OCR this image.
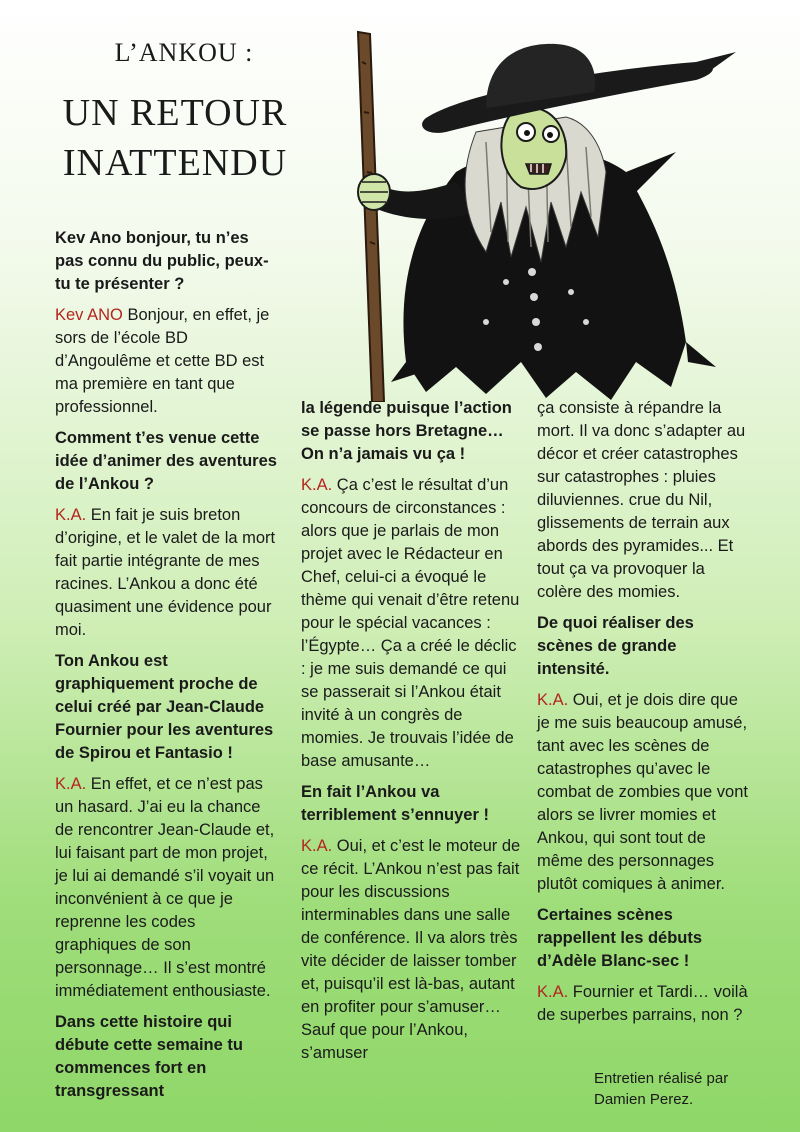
L’ANKOU :
UN RETOUR
INATTENDU

Kev Ano bonjour, tu n’es pas connu du public, peux-tu te présenter ?

Kev ANO Bonjour, en effet, je sors de l’école BD d’Angoulême et cette BD est ma première en tant que professionnel.

Comment t’es venue cette idée d’animer des aventures de l’Ankou ?

K.A. En fait je suis breton d’origine, et le valet de la mort fait partie intégrante de mes racines. L’Ankou a donc été quasiment une évidence pour moi.

Ton Ankou est graphiquement proche de celui créé par Jean-Claude Fournier pour les aventures de Spirou et Fantasio !

K.A. En effet, et ce n’est pas un hasard. J’ai eu la chance de rencontrer Jean-Claude et, lui faisant part de mon projet, je lui ai demandé s’il voyait un inconvénient à ce que je reprenne les codes graphiques de son personnage… Il s’est montré immédiatement enthousiaste.

Dans cette histoire qui débute cette semaine tu commences fort en transgressant

la légende puisque l’action se passe hors Bretagne… On n’a jamais vu ça !

K.A. Ça c’est le résultat d’un concours de circonstances : alors que je parlais de mon projet avec le Rédacteur en Chef, celui-ci a évoqué le thème qui venait d’être retenu pour le spécial vacances : l’Égypte… Ça a créé le déclic : je me suis demandé ce qui se passerait si l’Ankou était invité à un congrès de momies. Je trouvais l’idée de base amusante…

En fait l’Ankou va terriblement s’ennuyer !

K.A. Oui, et c’est le moteur de ce récit. L’Ankou n’est pas fait pour les discussions interminables dans une salle de conférence. Il va alors très vite décider de laisser tomber et, puisqu’il est là-bas, autant en profiter pour s’amuser… Sauf que pour l’Ankou, s’amuser

ça consiste à répandre la mort. Il va donc s’adapter au décor et créer catastrophes sur catastrophes : pluies diluviennes. crue du Nil, glissements de terrain aux abords des pyramides... Et tout ça va provoquer la colère des momies.

De quoi réaliser des scènes de grande intensité.

K.A. Oui, et je dois dire que je me suis beaucoup amusé, tant avec les scènes de catastrophes qu’avec le combat de zombies que vont alors se livrer momies et Ankou, qui sont tout de même des personnages plutôt comiques à animer.

Certaines scènes rappellent les débuts d’Adèle Blanc-sec !

K.A. Fournier et Tardi… voilà de superbes parrains, non ?

Entretien réalisé par
Damien Perez.
